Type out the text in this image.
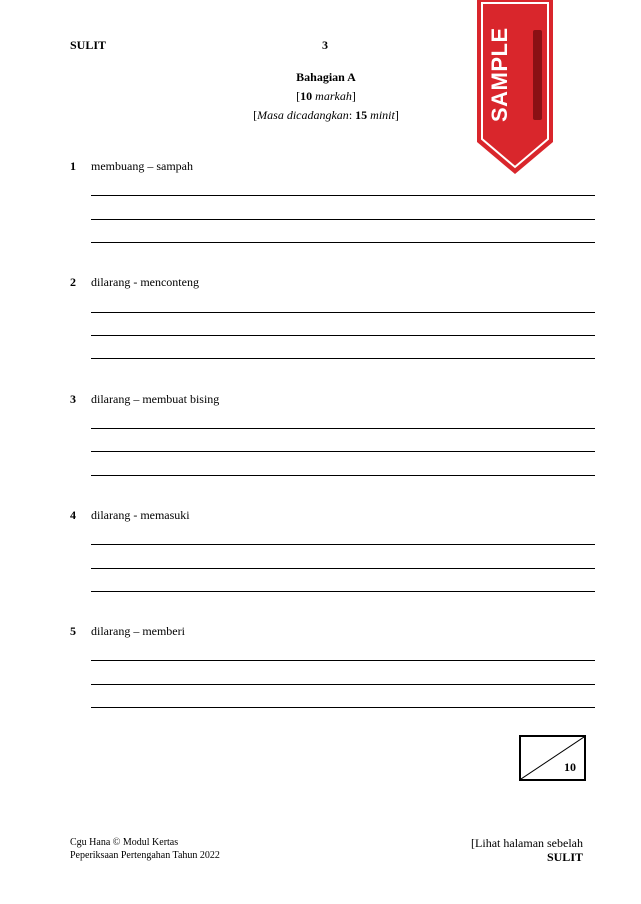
SULIT	3
Bahagian A
[10 markah]
[Masa dicadangkan: 15 minit]
1 membuang – sampah
2 dilarang - menconteng
3 dilarang – membuat bising
4 dilarang - memasuki
5 dilarang – memberi
10
Cgu Hana © Modul Kertas
Peperiksaan Pertengahan Tahun 2022
[Lihat halaman sebelah
SULIT
SAMPLE
